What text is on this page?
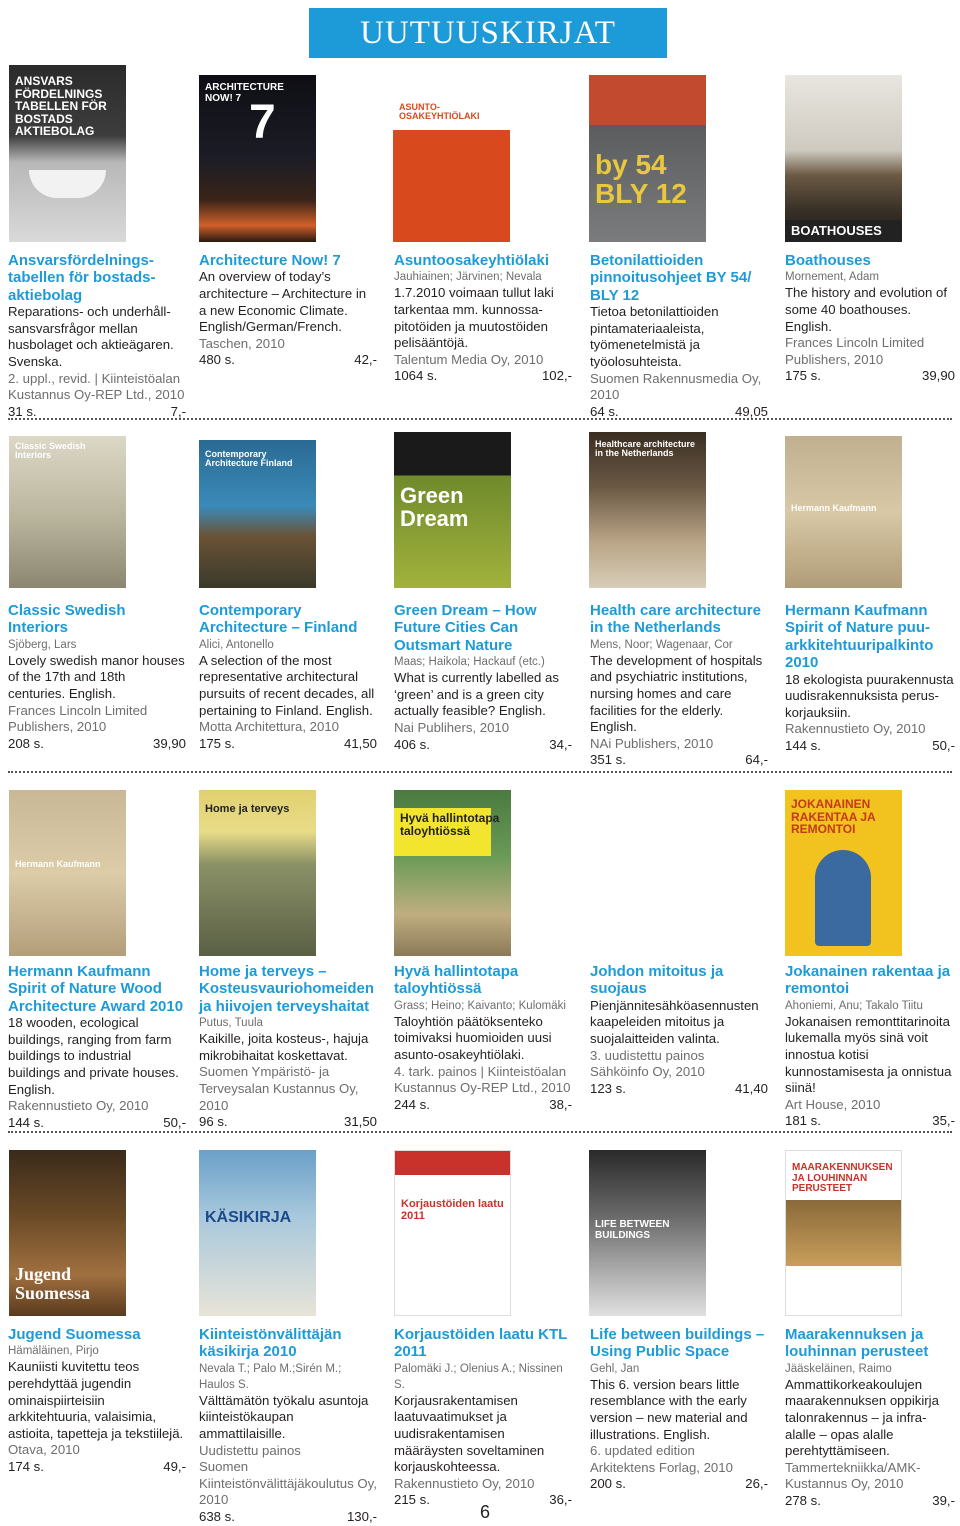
UUTUUSKIRJAT
ANSVARS FÖRDELNINGS TABELLEN FÖR BOSTADS AKTIEBOLAG
ARCHITECTURE NOW! 7 7	ASUNTO-OSAKEYHTIÖLAKI
by 54 BLY 12
BOATHOUSES
Ansvarsfördelningstabellen för bostadsaktiebolag
Reparations- och underhållsansvarsfrågor mellan husbolaget och aktieägaren. Svenska.
2. uppl., revid. | Kiinteistöalan
Kustannus Oy-REP Ltd., 2010
31 s.	7,-
Architecture Now! 7
An overview of today’s architecture – Architecture in a new Economic Climate. English/German/French.
Taschen, 2010
480 s.	42,-
Asuntoosakeyhtiölaki
Jauhiainen; Järvinen; Nevala
1.7.2010 voimaan tullut laki tarkentaa mm. kunnossapitotöiden ja muutostöiden pelisääntöjä.
Talentum Media Oy, 2010
1064 s.	102,-
Betonilattioiden pinnoitusohjeet BY 54/ BLY 12
Tietoa betonilattioiden pintamateriaaleista, työmenetelmistä ja työolosuhteista.
Suomen Rakennusmedia Oy, 2010
64 s.	49,05
Boathouses
Mornement, Adam
The history and evolution of some 40 boathouses. English.
Frances Lincoln Limited Publishers, 2010
175 s.	39,90
Classic Swedish Interiors	Contemporary Architecture Finland
Green Dream
Healthcare architecture in the Netherlands
Hermann Kaufmann
Classic Swedish Interiors
Sjöberg, Lars
Lovely swedish manor houses of the 17th and 18th centuries. English.
Frances Lincoln Limited Publishers, 2010
208 s.	39,90
Contemporary Architecture – Finland
Alici, Antonello
A selection of the most representative architectural pursuits of recent decades, all pertaining to Finland. English.
Motta Architettura, 2010
175 s.	41,50
Green Dream – How Future Cities Can Outsmart Nature
Maas; Haikola; Hackauf (etc.)
What is currently labelled as ‘green’ and is a green city actually feasible? English.
Nai Publihers, 2010
406 s.	34,-
Health care architecture in the Netherlands
Mens, Noor; Wagenaar, Cor
The development of hospitals and psychiatric institutions, nursing homes and care facilities for the elderly. English.
NAi Publishers, 2010
351 s.	64,-
Hermann Kaufmann Spirit of Nature puuarkkitehtuuripalkinto 2010
18 ekologista puurakennusta uudisrakennuksista peruskorjauksiin.
Rakennustieto Oy, 2010
144 s.	50,-
Hermann Kaufmann
Home ja terveys
Hyvä hallintotapa taloyhtiössä
JOKANAINEN RAKENTAA JA REMONTOI
Hermann Kaufmann Spirit of Nature Wood Architecture Award 2010
18 wooden, ecological buildings, ranging from farm buildings to industrial buildings and private houses. English.
Rakennustieto Oy, 2010
144 s.	50,-
Home ja terveys – Kosteusvauriohomeiden ja hiivojen terveyshaitat
Putus, Tuula
Kaikille, joita kosteus-, hajuja mikrobihaitat koskettavat.
Suomen Ympäristö- ja Terveysalan Kustannus Oy, 2010
96 s.	31,50
Hyvä hallintotapa taloyhtiössä
Grass; Heino; Kaivanto; Kulomäki
Taloyhtiön päätöksenteko toimivaksi huomioiden uusi asunto-osakeyhtiölaki.
4. tark. painos | Kiinteistöalan
Kustannus Oy-REP Ltd., 2010
244 s.	38,-
Johdon mitoitus ja suojaus
Pienjännitesähköasennusten kaapeleiden mitoitus ja suojalaitteiden valinta.
3. uudistettu painos
Sähköinfo Oy, 2010
123 s.	41,40
Jokanainen rakentaa ja remontoi
Ahoniemi, Anu; Takalo Tiitu
Jokanaisen remonttitarinoita lukemalla myös sinä voit innostua kotisi kunnostamisesta ja onnistua siinä!
Art House, 2010
181 s.	35,-
Jugend Suomessa
KÄSIKIRJA
Korjaustöiden laatu 2011
LIFE BETWEEN BUILDINGS
MAARAKENNUKSEN JA LOUHINNAN PERUSTEET
Jugend Suomessa
Hämäläinen, Pirjo
Kauniisti kuvitettu teos perehdyttää jugendin ominaispiirteisiin arkkitehtuuria, valaisimia, astioita, tapetteja ja tekstiilejä.
Otava, 2010
174 s.	49,-
Kiinteistönvälittäjän käsikirja 2010
Nevala T.; Palo M.;Sirén M.; Haulos S.
Välttämätön työkalu asuntoja kiinteistökaupan ammattilaisille.
Uudistettu painos
Suomen Kiinteistönvälittäjäkoulutus Oy, 2010
638 s.	130,-
Korjaustöiden laatu KTL 2011
Palomäki J.; Olenius A.; Nissinen S.
Korjausrakentamisen laatuvaatimukset ja uudisrakentamisen määräysten soveltaminen korjauskohteessa.
Rakennustieto Oy, 2010
215 s.	36,-
Life between buildings – Using Public Space
Gehl, Jan
This 6. version bears little resemblance with the early version – new material and illustrations. English.
6. updated edition
Arkitektens Forlag, 2010
200 s.	26,-
Maarakennuksen ja louhinnan perusteet
Jääskeläinen, Raimo
Ammattikorkeakoulujen maarakennuksen oppikirja talonrakennus – ja infra-alalle – opas alalle perehtyttämiseen.
Tammertekniikka/AMK-Kustannus Oy, 2010
278 s.	39,-
6
